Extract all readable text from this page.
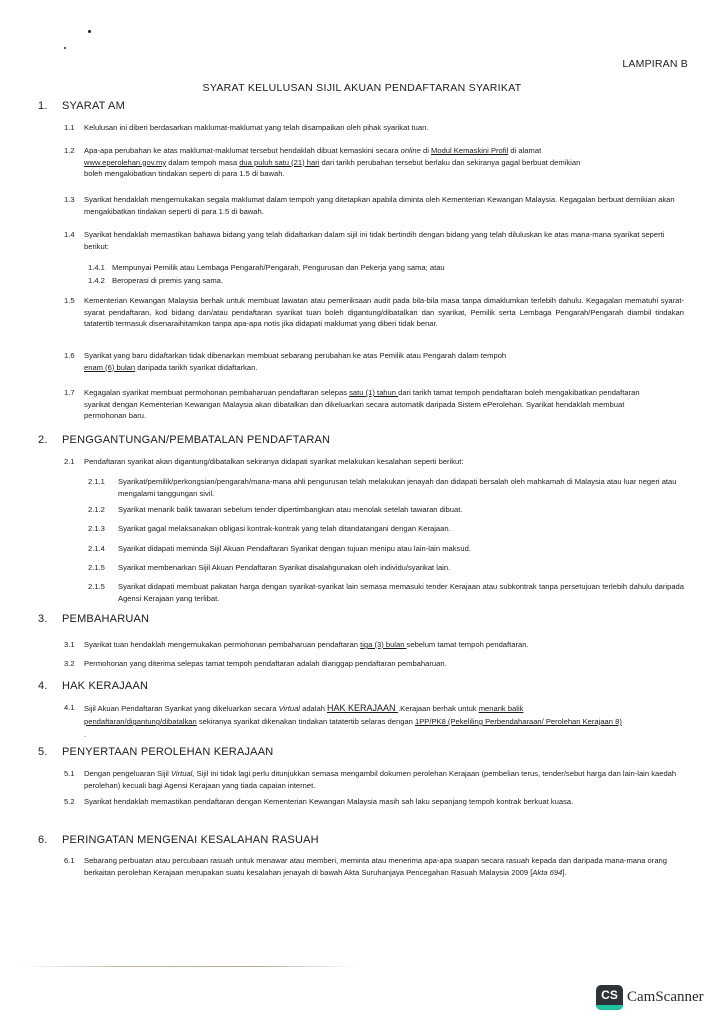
LAMPIRAN B
SYARAT KELULUSAN SIJIL AKUAN PENDAFTARAN SYARIKAT
1. SYARAT AM
1.1	Kelulusan ini diberi berdasarkan maklumat-maklumat yang telah disampaikan oleh pihak syarikat tuan.
1.2	Apa-apa perubahan ke atas maklumat-maklumat tersebut hendaklah dibuat kemaskini secara online di Modul Kemaskini Profil di alamat www.eperolehan.gov.my dalam tempoh masa dua puluh satu (21) hari dari tarikh perubahan tersebut berlaku dan sekiranya gagal berbuat demikian boleh mengakibatkan tindakan seperti di para 1.5 di bawah.
1.3	Syarikat hendaklah mengemukakan segala maklumat dalam tempoh yang ditetapkan apabila diminta oleh Kementerian Kewangan Malaysia. Kegagalan berbuat demikian akan mengakibatkan tindakan seperti di para 1.5 di bawah.
1.4	Syarikat hendaklah memastikan bahawa bidang yang telah didaftarkan dalam sijil ini tidak bertindih dengan bidang yang telah diluluskan ke atas mana-mana syarikat seperti berikut:
1.4.1 Mempunyai Pemilik atau Lembaga Pengarah/Pengarah, Pengurusan dan Pekerja yang sama; atau
1.4.2 Beroperasi di premis yang sama.
1.5	Kementerian Kewangan Malaysia berhak untuk membuat lawatan atau pemeriksaan audit pada bila-bila masa tanpa dimaklumkan terlebih dahulu. Kegagalan mematuhi syarat-syarat pendaftaran, kod bidang dan/atau pendaftaran syarikat tuan boleh digantung/dibatalkan dan syarikat, Pemilik serta Lembaga Pengarah/Pengarah diambil tindakan tatatertib termasuk disenaraihitamkan tanpa apa-apa notis jika didapati maklumat yang diberi tidak benar.
1.6	Syarikat yang baru didaftarkan tidak dibenarkan membuat sebarang perubahan ke atas Pemilik atau Pengarah dalam tempoh
enam (6) bulan daripada tarikh syarikat didaftarkan.
1.7	Kegagalan syarikat membuat permohonan pembaharuan pendaftaran selepas satu (1) tahun dari tarikh tamat tempoh pendaftaran boleh mengakibatkan pendaftaran syarikat dengan Kementerian Kewangan Malaysia akan dibatalkan dan dikeluarkan secara automatik daripada Sistem ePerolehan. Syarikat hendaklah membuat permohonan baru.
2. PENGGANTUNGAN/PEMBATALAN PENDAFTARAN
2.1	Pendaftaran syarikat akan digantung/dibatalkan sekiranya didapati syarikat melakukan kesalahan seperti berikut:
2.1.1	Syarikat/pemilik/perkongsian/pengarah/mana-mana ahli pengurusan telah melakukan jenayah dan didapati bersalah oleh mahkamah di Malaysia atau luar negeri atau mengalami tanggungan sivil.
2.1.2	Syarikat menarik balik tawaran sebelum tender dipertimbangkan atau menolak setelah tawaran dibuat.
2.1.3	Syarikat gagal melaksanakan obligasi kontrak-kontrak yang telah ditandatangani dengan Kerajaan.
2.1.4	Syarikat didapati meminda Sijil Akuan Pendaftaran Syarikat dengan tujuan menipu atau lain-lain maksud.
2.1.5	Syarikat membenarkan Sijil Akuan Pendaftaran Syarikat disalahgunakan oleh individu/syarikat lain.
2.1.5	Syarikat didapati membuat pakatan harga dengan syarikat-syarikat lain semasa memasuki tender Kerajaan atau subkontrak tanpa persetujuan terlebih dahulu daripada Agensi Kerajaan yang terlibat.
3. PEMBAHARUAN
3.1	Syarikat tuan hendaklah mengemukakan permohonan pembaharuan pendaftaran tiga (3) bulan sebelum tamat tempoh pendaftaran.
3.2	Permohonan yang diterima selepas tamat tempoh pendaftaran adalah dianggap pendaftaran pembaharuan.
4. HAK KERAJAAN
4.1	Sijil Akuan Pendaftaran Syarikat yang dikeluarkan secara Virtual adalah HAK KERAJAAN .Kerajaan berhak untuk menarik balik pendaftaran/digantung/dibatalkan sekiranya syarikat dikenakan tindakan tatatertib selaras dengan 1PP/PK8 (Pekeliling Perbendaharaan/ Perolehan Kerajaan 8) .
5. PENYERTAAN PEROLEHAN KERAJAAN
5.1	Dengan pengeluaran Sijil Virtual, Sijil ini tidak lagi perlu ditunjukkan semasa mengambil dokumen perolehan Kerajaan (pembelian terus, tender/sebut harga dan lain-lain kaedah perolehan) kecuali bagi Agensi Kerajaan yang tiada capaian internet.
5.2	Syarikat hendaklah memastikan pendaftaran dengan Kementerian Kewangan Malaysia masih sah laku sepanjang tempoh kontrak berkuat kuasa.
6. PERINGATAN MENGENAI KESALAHAN RASUAH
6.1	Sebarang perbuatan atau percubaan rasuah untuk menawar atau memberi, meminta atau menerima apa-apa suapan secara rasuah kepada dan daripada mana-mana orang berkaitan perolehan Kerajaan merupakan suatu kesalahan jenayah di bawah Akta Suruhanjaya Pencegahan Rasuah Malaysia 2009 [Akta 694].
CS CamScanner
